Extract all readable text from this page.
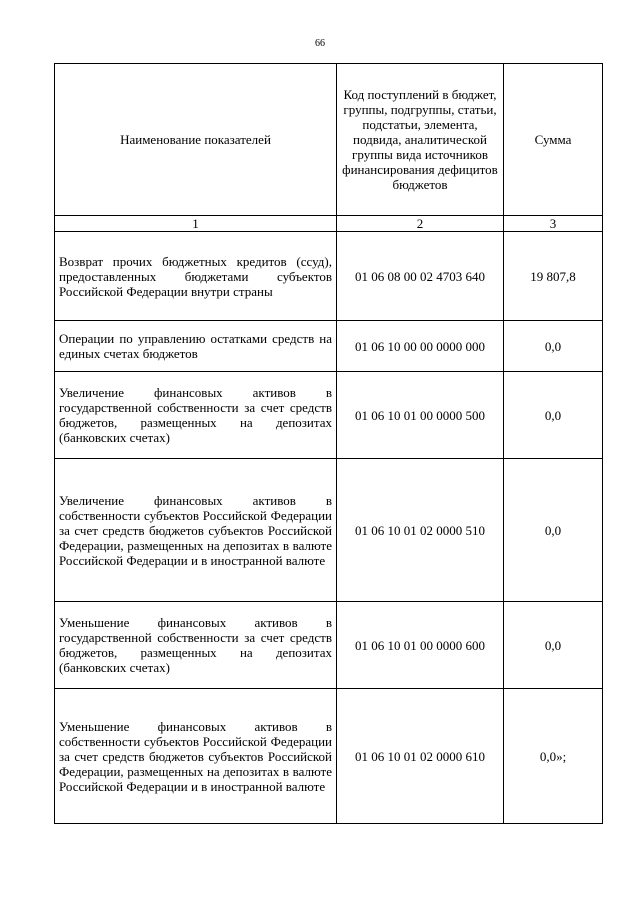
66
Наименование показателей	Код поступлений в бюджет, группы, подгруппы, статьи, подстатьи, элемента, подвида, аналитической группы вида источников финансирования дефицитов бюджетов	Сумма
1	2	3
Возврат прочих бюджетных кредитов (ссуд), предоставленных бюджетами субъектов Российской Федерации внутри страны	01 06 08 00 02 4703 640	19 807,8
Операции по управлению остатками средств на единых счетах бюджетов	01 06 10 00 00 0000 000	0,0
Увеличение финансовых активов в государственной собственности за счет средств бюджетов, размещенных на депозитах (банковских счетах)	01 06 10 01 00 0000 500	0,0
Увеличение финансовых активов в собственности субъектов Российской Федерации за счет средств бюджетов субъектов Российской Федерации, размещенных на депозитах в валюте Российской Федерации и в иностранной валюте	01 06 10 01 02 0000 510	0,0
Уменьшение финансовых активов в государственной собственности за счет средств бюджетов, размещенных на депозитах (банковских счетах)	01 06 10 01 00 0000 600	0,0
Уменьшение финансовых активов в собственности субъектов Российской Федерации за счет средств бюджетов субъектов Российской Федерации, размещенных на депозитах в валюте Российской Федерации и в иностранной валюте	01 06 10 01 02 0000 610	0,0»;
